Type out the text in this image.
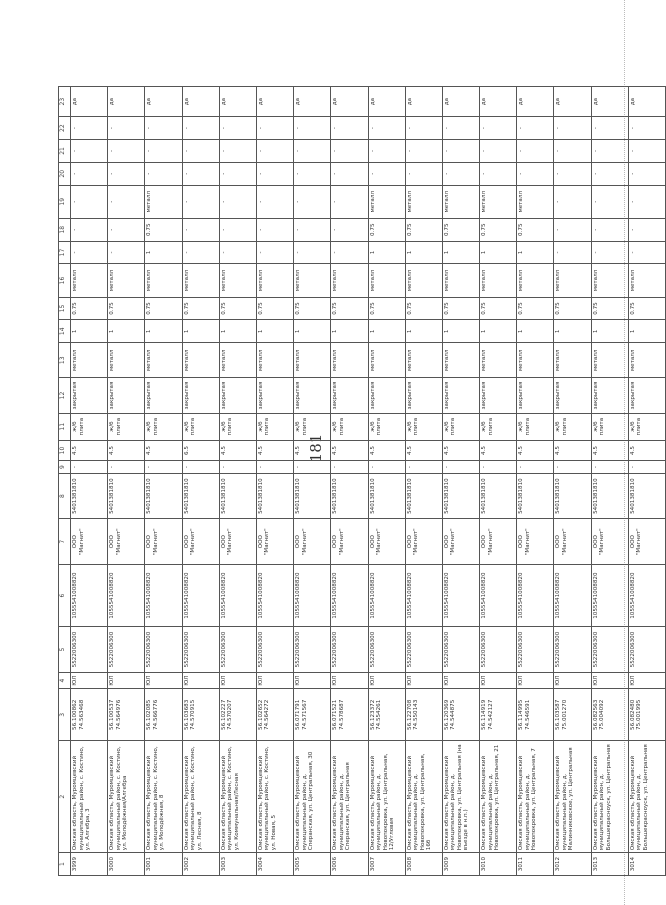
181
1	2	3	4	5	6	7	8	9	10	11	12	13	14	15	16	17	18	19	20	21	22	23
3999	Омская область, Муромцевский муниципальный район, с. Костино, ул. Алгебра, 3	56.100862 74.563468	ЮЛ	5522006300	1055541008820	ООО "Магнит"	5401381810	-	4.5	ж/б плита	закрытая	металл	1	0.75	металл	-	-	-	-	-	-	да
3000	Омская область, Муромцевский муниципальный район, с. Костино, ул. Молодёжная/Алгебра	56.100537 74.564976	ЮЛ	5522006300	1055541008820	ООО "Магнит"	5401381810	-	4.5	ж/б плита	закрытая	металл	1	0.75	металл	-	-	-	-	-	-	да
3001	Омская область, Муромцевский муниципальный район, с. Костино, ул. Молодёжная, 8	56.102085 74.566776	ЮЛ	5522006300	1055541008820	ООО "Магнит"	5401381810	-	4.5	ж/б плита	закрытая	металл	1	0.75	металл	1	0.75	металл	-	-	-	да
3002	Омская область, Муромцевский муниципальный район, с. Костино, ул. Лесная, 8	56.103683 74.570915	ЮЛ	5522006300	1055541008820	ООО "Магнит"	5401381810	-	6.5	ж/б плита	закрытая	металл	1	0.75	металл	-	-	-	-	-	-	да
3003	Омская область, Муромцевский муниципальный район, с. Костино, ул. Коммунальная/Лесная	56.102227 74.570207	ЮЛ	5522006300	1055541008820	ООО "Магнит"	5401381810	-	4.5	ж/б плита	закрытая	металл	1	0.75	металл	-	-	-	-	-	-	да
3004	Омская область, Муромцевский муниципальный район, с. Костино, ул. Новая, 5	56.102652 74.564272	ЮЛ	5522006300	1055541008820	ООО "Магнит"	5401381810	-	4.5	ж/б плита	закрытая	металл	1	0.75	металл	-	-	-	-	-	-	да
3005	Омская область, Муромцевский муниципальный район, д. Сперанская, ул. Центральная, 30	56.071791 74.571567	ЮЛ	5522006300	1055541008820	ООО "Магнит"	5401381810	-	4.5	ж/б плита	закрытая	металл	1	0.75	металл	-	-	-	-	-	-	да
3006	Омская область, Муромцевский муниципальный район, д. Сперанская, ул. Центральная	56.071521 74.578687	ЮЛ	5522006300	1055541008820	ООО "Магнит"	5401381810	-	4.5	ж/б плита	закрытая	металл	1	0.75	металл	-	-	-	-	-	-	да
3007	Омская область, Муромцевский муниципальный район, д. Новопокровка, ул. Центральная, 12/Угловая	56.123372 74.554261	ЮЛ	5522006300	1055541008820	ООО "Магнит"	5401381810	-	4.5	ж/б плита	закрытая	металл	1	0.75	металл	1	0.75	металл	-	-	-	да
3008	Омская область, Муромцевский муниципальный район, д. Новопокровка, ул. Центральная, 16б	56.122708 74.550143	ЮЛ	5522006300	1055541008820	ООО "Магнит"	5401381810	-	4.5	ж/б плита	закрытая	металл	1	0.75	металл	1	0.75	металл	-	-	-	да
3009	Омская область, Муромцевский муниципальный район, д. Новопокровка, ул. Центральная (на въезде в н.п.)	56.120369 74.544875	ЮЛ	5522006300	1055541008820	ООО "Магнит"	5401381810	-	4.5	ж/б плита	закрытая	металл	1	0.75	металл	1	0.75	металл	-	-	-	да
3010	Омская область, Муромцевский муниципальный район, д. Новопокровка, ул. Центральная, 21	56.114919 74.542127	ЮЛ	5522006300	1055541008820	ООО "Магнит"	5401381810	-	4.5	ж/б плита	закрытая	металл	1	0.75	металл	1	0.75	металл	-	-	-	да
3011	Омская область, Муромцевский муниципальный район, д. Новопокровка, ул. Центральная, 7	56.114995 74.546591	ЮЛ	5522006300	1055541008820	ООО "Магнит"	5401381810	-	4.5	ж/б плита	закрытая	металл	1	0.75	металл	1	0.75	металл	-	-	-	да
3012	Омская область, Муромцевский муниципальный район, д. Малинниковское, ул. Центральная	56.103587 75.001270	ЮЛ	5522006300	1055541008820	ООО "Магнит"	5401381810	-	4.5	ж/б плита	закрытая	металл	1	0.75	металл	-	-	-	-	-	-	да
3013	Омская область, Муромцевский муниципальный район, д. Большекрасноуск, ул. Центральная	56.082563 75.004092	ЮЛ	5522006300	1055541008820	ООО "Магнит"	5401381810	-	4.5	ж/б плита	закрытая	металл	1	0.75	металл	-	-	-	-	-	-	да
3014	Омская область, Муромцевский муниципальный район, д. Большекрасноуск, ул. Центральная	56.082480 75.001995	ЮЛ	5522006300	1055541008820	ООО "Магнит"	5401381810	-	4.5	ж/б плита	закрытая	металл	1	0.75	металл	-	-	-	-	-	-	да
